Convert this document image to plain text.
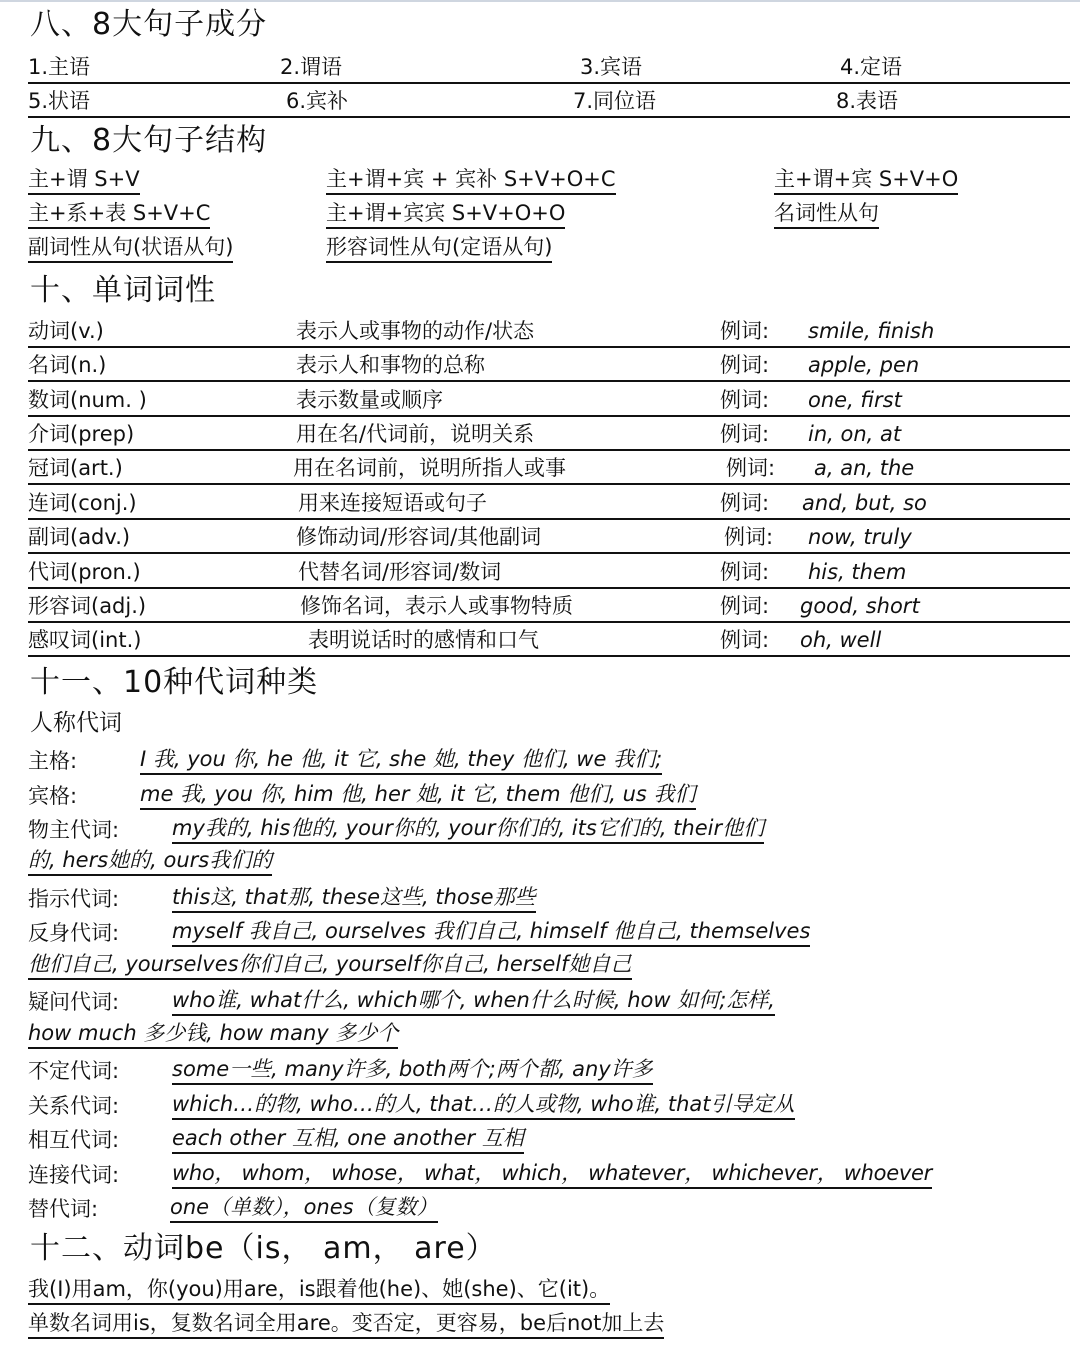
八、8大句子成分
1.主语	2.谓语	3.宾语	4.定语
5.状语	6.宾补	7.同位语	8.表语
九、8大句子结构
主+谓 S+V	主+谓+宾 + 宾补 S+V+O+C	主+谓+宾 S+V+O
主+系+表 S+V+C	主+谓+宾宾 S+V+O+O	名词性从句
副词性从句(状语从句)	形容词性从句(定语从句)
十、单词词性
动词(v.)	表示人或事物的动作/状态	例词: smile, finish
名词(n.)	表示人和事物的总称	例词: apple, pen
数词(num. )	表示数量或顺序	例词: one, first
介词(prep)	用在名/代词前，说明关系	例词: in, on, at
冠词(art.)	用在名词前，说明所指人或事	例词: a, an, the
连词(conj.)	用来连接短语或句子	例词: and, but, so
副词(adv.)	修饰动词/形容词/其他副词	例词: now, truly
代词(pron.)	代替名词/形容词/数词	例词: his, them
形容词(adj.)	修饰名词，表示人或事物特质	例词: good, short
感叹词(int.)	表明说话时的感情和口气	例词: oh, well
十一、10种代词种类
人称代词
主格:	I 我, you 你, he 他, it 它, she 她, they 他们, we 我们;
宾格:	me 我, you 你, him 他, her 她, it 它, them 他们, us 我们
物主代词:	my我的, his他的, your你的, your你们的, its它们的, their他们
的, hers她的, ours我们的
指示代词:	this这, that那, these这些, those那些
反身代词:	myself 我自己, ourselves 我们自己, himself 他自己, themselves
他们自己, yourselves你们自己, yourself你自己, herself她自己
疑问代词:	who谁, what什么, which哪个, when什么时候, how 如何;怎样,
how much 多少钱, how many 多少个
不定代词:	some一些, many许多, both两个;两个都, any许多
关系代词:	which…的物, who…的人, that…的人或物, who谁, that引导定从
相互代词:	each other 互相, one another 互相
连接代词:	who， whom， whose， what， which， whatever， whichever， whoever
替代词:	one（单数），ones（复数）
十二、动词be（is， am， are）
我(I)用am，你(you)用are，is跟着他(he)、她(she)、它(it)。
单数名词用is，复数名词全用are。变否定，更容易，be后not加上去
